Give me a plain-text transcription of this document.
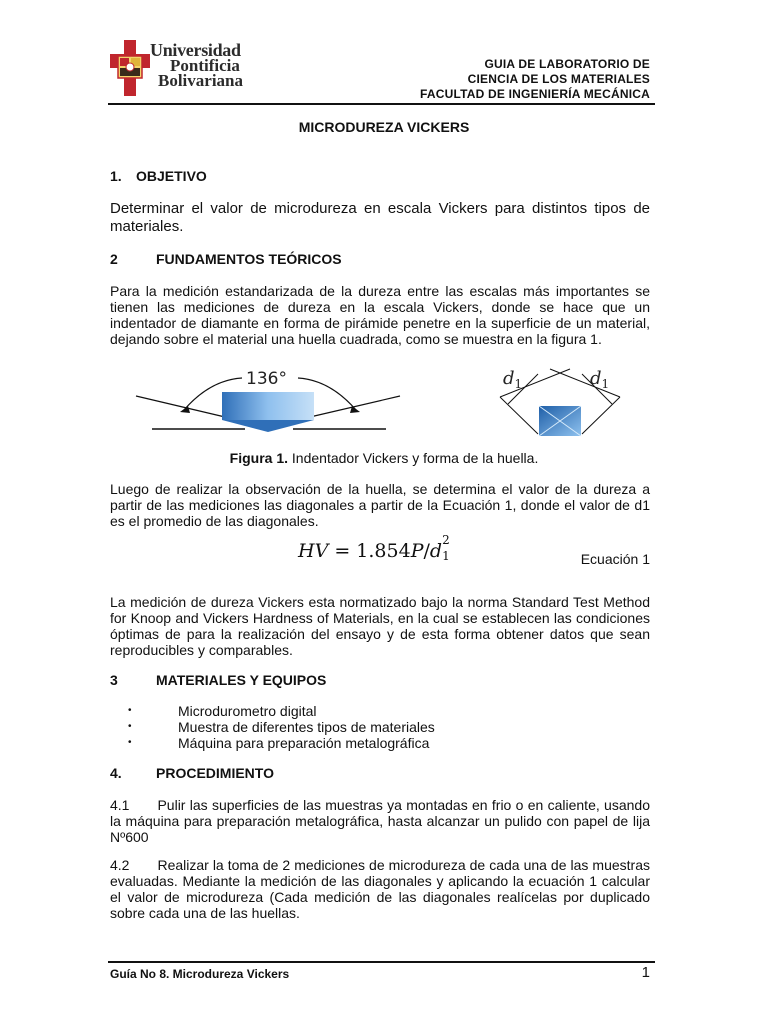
Universidad
Pontificia
Bolivariana
GUIA DE LABORATORIO DE
CIENCIA DE LOS MATERIALES
FACULTAD DE INGENIERÍA MECÁNICA
MICRODUREZA VICKERS
1. OBJETIVO
Determinar el valor de microdureza en escala Vickers para distintos tipos de materiales.
2	FUNDAMENTOS TEÓRICOS
Para la medición estandarizada de la dureza entre las escalas más importantes se tienen las mediciones de dureza en la escala Vickers, donde se hace que un indentador de diamante en forma de pirámide penetre en la superficie de un material, dejando sobre el material una huella cuadrada, como se muestra en la figura 1.
136°	$d_1$	$d_1$
Figura 1. Indentador Vickers y forma de la huella.
Luego de realizar la observación de la huella, se determina el valor de la dureza a partir de las mediciones las diagonales a partir de la Ecuación 1, donde el valor de d1 es el promedio de las diagonales.
HV = 1.854P/d 2
1	Ecuación 1
La medición de dureza Vickers esta normatizado bajo la norma Standard Test Method for Knoop and Vickers Hardness of Materials, en la cual se establecen las condiciones óptimas de para la realización del ensayo y de esta forma obtener datos que sean reproducibles y comparables.
3	MATERIALES Y EQUIPOS
•	Microdurometro digital
•	Muestra de diferentes tipos de materiales
•	Máquina para preparación metalográfica
4. PROCEDIMIENTO
4.1  Pulir las superficies de las muestras ya montadas en frio o en caliente, usando la máquina para preparación metalográfica, hasta alcanzar un pulido con papel de lija Nº600
4.2  Realizar la toma de 2 mediciones de microdureza de cada una de las muestras evaluadas. Mediante la medición de las diagonales y aplicando la ecuación 1 calcular el valor de microdureza (Cada medición de las diagonales realícelas por duplicado sobre cada una de las huellas.
Guía No 8. Microdureza Vickers	1
